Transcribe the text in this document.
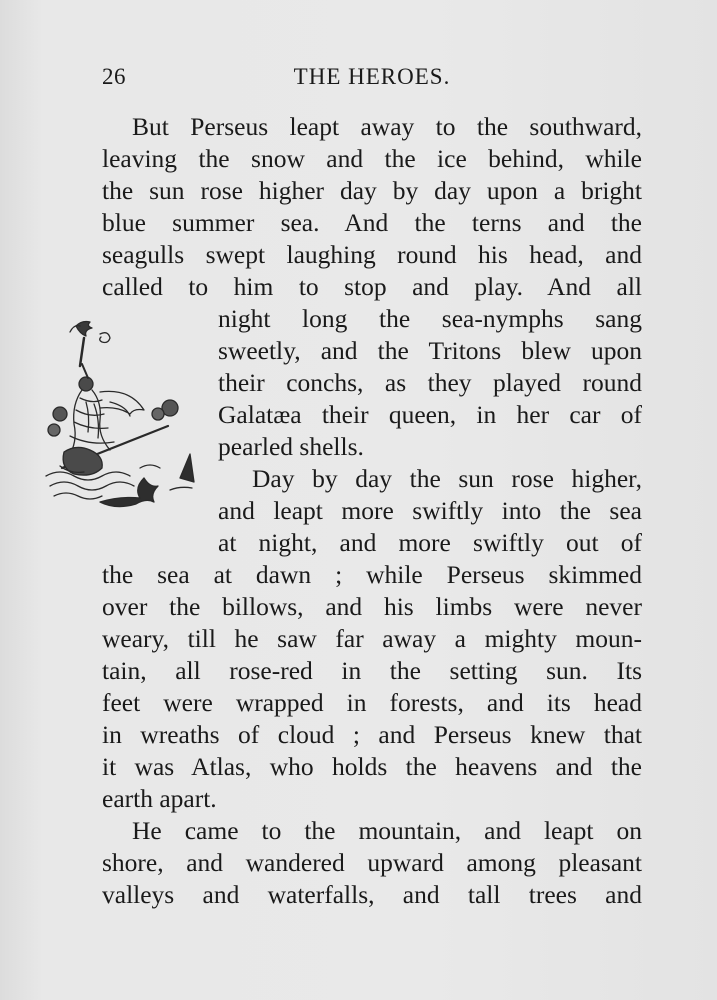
26	THE HEROES.
But Perseus leapt away to the southward,
leaving the snow and the ice behind, while
the sun rose higher day by day upon a bright
blue summer sea. And the terns and the
seagulls swept laughing round his head, and
called to him to stop and play. And all
night long the sea-nymphs sang
sweetly, and the Tritons blew upon
their conchs, as they played round
Galatæa their queen, in her car of
pearled shells.
Day by day the sun rose higher,
and leapt more swiftly into the sea
at night, and more swiftly out of
the sea at dawn ; while Perseus skimmed
over the billows, and his limbs were never
weary, till he saw far away a mighty moun-
tain, all rose-red in the setting sun. Its
feet were wrapped in forests, and its head
in wreaths of cloud ; and Perseus knew that
it was Atlas, who holds the heavens and the
earth apart.
He came to the mountain, and leapt on
shore, and wandered upward among pleasant
valleys and waterfalls, and tall trees and
